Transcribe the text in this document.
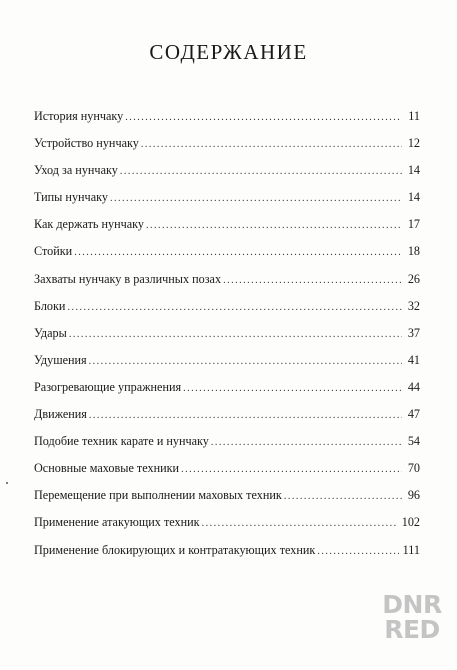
СОДЕРЖАНИЕ
История нунчаку .....	11
Устройство нунчаку .....	12
Уход за нунчаку .....	14
Типы нунчаку .....	14
Как держать нунчаку .....	17
Стойки .....	18
Захваты нунчаку в различных позах .....	26
Блоки .....	32
Удары .....	37
Удушения .....	41
Разогревающие упражнения .....	44
Движения .....	47
Подобие техник карате и нунчаку .....	54
Основные маховые техники .....	70
Перемещение при выполнении маховых техник .....	96
Применение атакующих техник .....	102
Применение блокирующих и контратакующих техник .....	111
DNR
RED
